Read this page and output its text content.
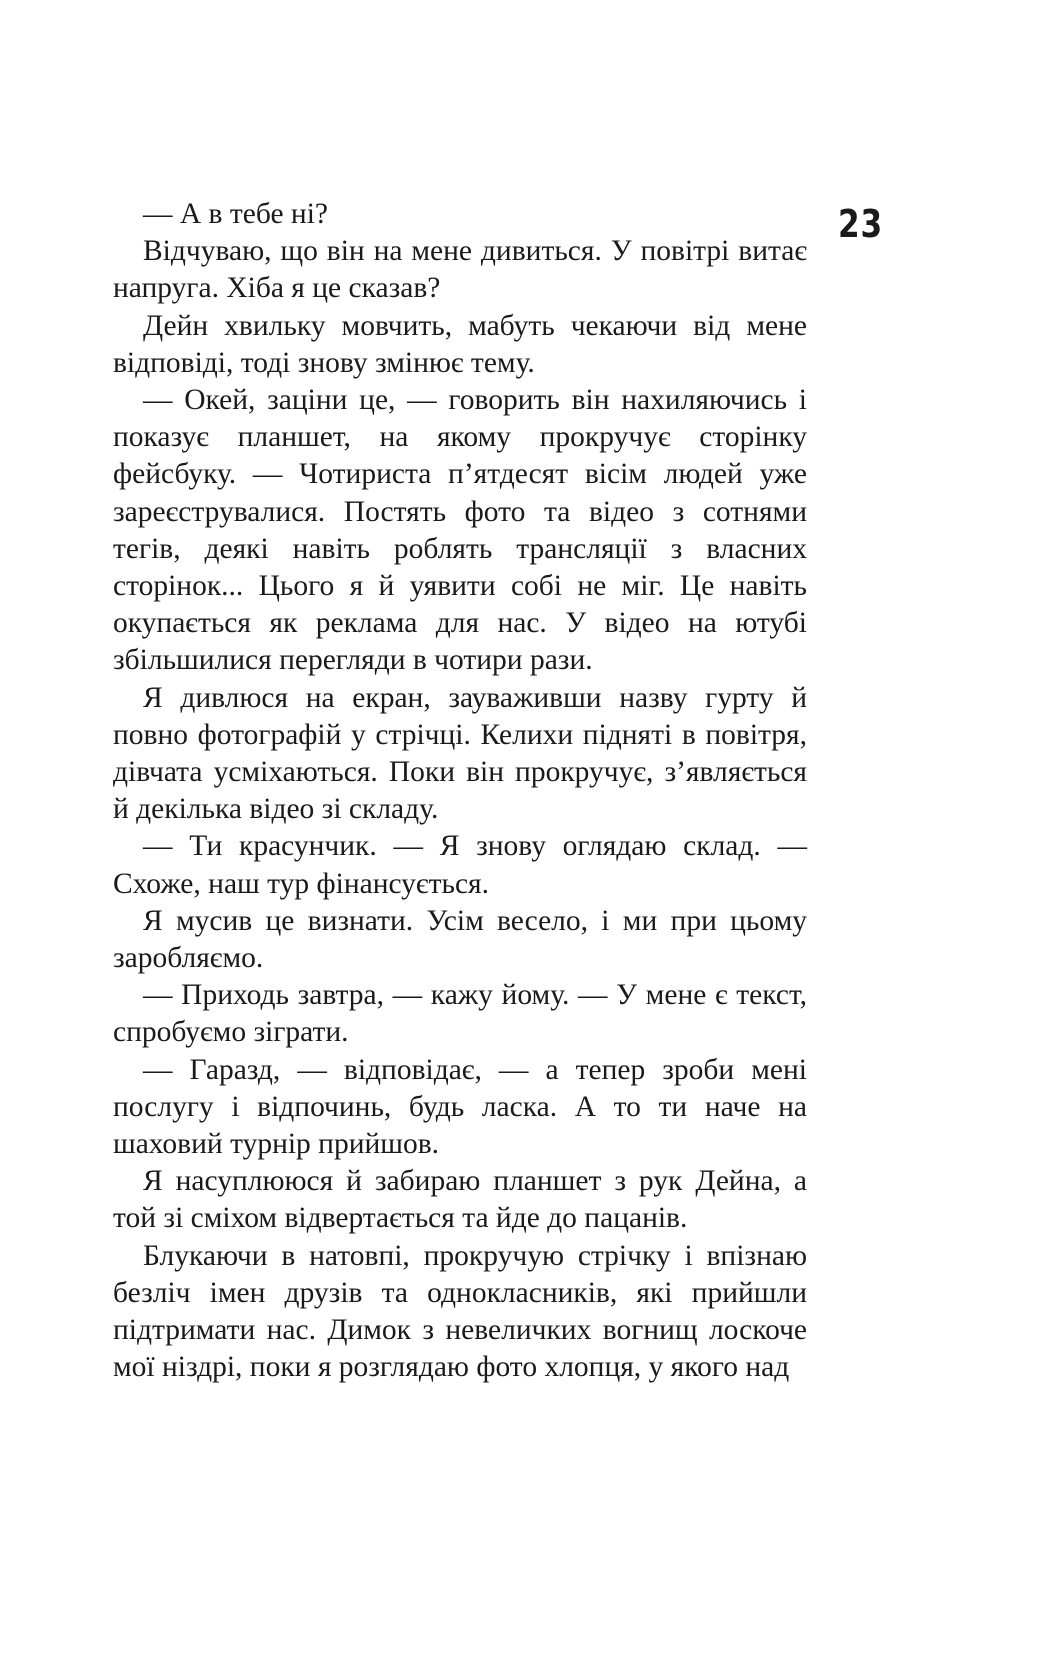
23

— А в тебе ні?

Відчуваю, що він на мене дивиться. У повітрі витає напруга. Хіба я це сказав?

Дейн хвильку мовчить, мабуть чекаючи від мене відповіді, тоді знову змінює тему.

— Окей, заціни це, — говорить він нахиляючись і показує планшет, на якому прокручує сторінку фейсбуку. — Чотириста п’ятдесят вісім людей уже зареєструвалися. Постять фото та відео з сотнями тегів, деякі навіть роблять трансляції з власних сторінок... Цього я й уявити собі не міг. Це навіть окупається як реклама для нас. У відео на ютубі збільшилися перегляди в чотири рази.

Я дивлюся на екран, зауваживши назву гурту й повно фотографій у стрічці. Келихи підняті в повітря, дівчата усміхаються. Поки він прокручує, з’являється й декілька відео зі складу.

— Ти красунчик. — Я знову оглядаю склад. — Схоже, наш тур фінансується.

Я мусив це визнати. Усім весело, і ми при цьому заробляємо.

— Приходь завтра, — кажу йому. — У мене є текст, спробуємо зіграти.

— Гаразд, — відповідає, — а тепер зроби мені послугу і відпочинь, будь ласка. А то ти наче на шаховий турнір прийшов.

Я насуплююся й забираю планшет з рук Дейна, а той зі сміхом відвертається та йде до пацанів.

Блукаючи в натовпі, прокручую стрічку і впізнаю безліч імен друзів та однокласників, які прийшли підтримати нас. Димок з невеличких вогнищ лоскоче мої ніздрі, поки я розглядаю фото хлопця, у якого над
